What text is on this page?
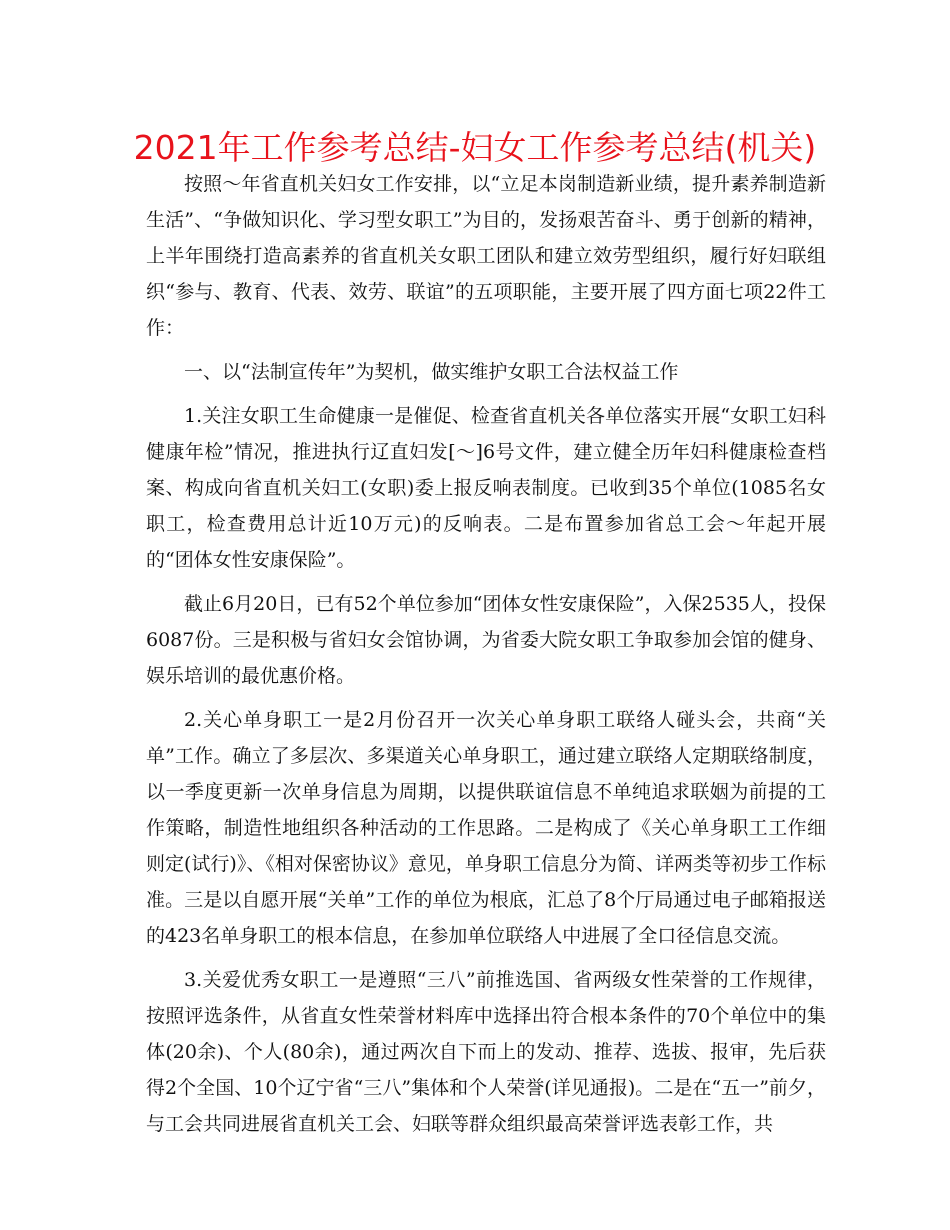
2021年工作参考总结-妇女工作参考总结(机关)

按照～年省直机关妇女工作安排，以“立足本岗制造新业绩，提升素养制造新生活”、“争做知识化、学习型女职工”为目的，发扬艰苦奋斗、勇于创新的精神，上半年围绕打造高素养的省直机关女职工团队和建立效劳型组织，履行好妇联组织“参与、教育、代表、效劳、联谊”的五项职能，主要开展了四方面七项22件工作：

一、以“法制宣传年”为契机，做实维护女职工合法权益工作

1.关注女职工生命健康一是催促、检查省直机关各单位落实开展“女职工妇科健康年检”情况，推进执行辽直妇发[～]6号文件，建立健全历年妇科健康检查档案、构成向省直机关妇工(女职)委上报反响表制度。已收到35个单位(1085名女职工，检查费用总计近10万元)的反响表。二是布置参加省总工会～年起开展的“团体女性安康保险”。

截止6月20日，已有52个单位参加“团体女性安康保险”，入保2535人，投保6087份。三是积极与省妇女会馆协调，为省委大院女职工争取参加会馆的健身、娱乐培训的最优惠价格。

2.关心单身职工一是2月份召开一次关心单身职工联络人碰头会，共商“关单”工作。确立了多层次、多渠道关心单身职工，通过建立联络人定期联络制度，以一季度更新一次单身信息为周期，以提供联谊信息不单纯追求联姻为前提的工作策略，制造性地组织各种活动的工作思路。二是构成了《关心单身职工工作细则定(试行)》、《相对保密协议》意见，单身职工信息分为简、详两类等初步工作标准。三是以自愿开展“关单”工作的单位为根底，汇总了8个厅局通过电子邮箱报送的423名单身职工的根本信息，在参加单位联络人中进展了全口径信息交流。

3.关爱优秀女职工一是遵照“三八”前推选国、省两级女性荣誉的工作规律，按照评选条件，从省直女性荣誉材料库中选择出符合根本条件的70个单位中的集体(20余)、个人(80余)，通过两次自下而上的发动、推荐、选拔、报审，先后获得2个全国、10个辽宁省“三八”集体和个人荣誉(详见通报)。二是在“五一”前夕，与工会共同进展省直机关工会、妇联等群众组织最高荣誉评选表彰工作，共
